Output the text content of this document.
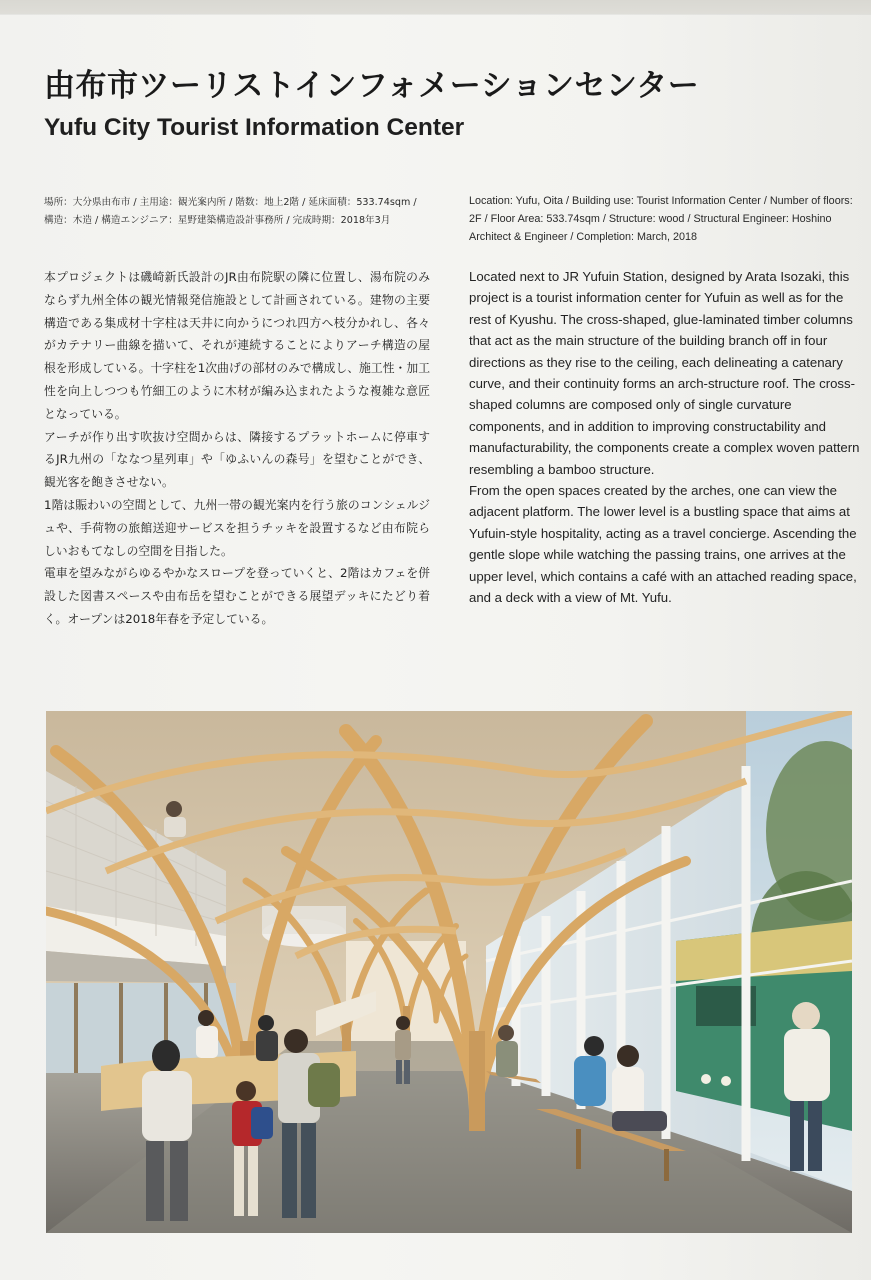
由布市ツーリストインフォメーションセンター
Yufu City Tourist Information Center
場所：大分県由布市 / 主用途：観光案内所 / 階数：地上2階 / 延床面積：533.74sqm / 構造：木造 / 構造エンジニア：星野建築構造設計事務所 / 完成時期：2018年3月
Location: Yufu, Oita / Building use: Tourist Information Center / Number of floors: 2F / Floor Area: 533.74sqm / Structure: wood / Structural Engineer: Hoshino Architect & Engineer / Completion: March, 2018

本プロジェクトは磯崎新氏設計のJR由布院駅の隣に位置し、湯布院のみならず九州全体の観光情報発信施設として計画されている。建物の主要構造である集成材十字柱は天井に向かうにつれ四方へ枝分かれし、各々がカテナリー曲線を描いて、それが連続することによりアーチ構造の屋根を形成している。十字柱を1次曲げの部材のみで構成し、施工性・加工性を向上しつつも竹細工のように木材が編み込まれたような複雑な意匠となっている。

アーチが作り出す吹抜け空間からは、隣接するプラットホームに停車するJR九州の「ななつ星列車」や「ゆふいんの森号」を望むことができ、観光客を飽きさせない。

1階は賑わいの空間として、九州一帯の観光案内を行う旅のコンシェルジュや、手荷物の旅館送迎サービスを担うチッキを設置するなど由布院らしいおもてなしの空間を目指した。

電車を望みながらゆるやかなスロープを登っていくと、2階はカフェを併設した図書スペースや由布岳を望むことができる展望デッキにたどり着く。オープンは2018年春を予定している。

Located next to JR Yufuin Station, designed by Arata Isozaki, this project is a tourist information center for Yufuin as well as for the rest of Kyushu. The cross-shaped, glue-laminated timber columns that act as the main structure of the building branch off in four directions as they rise to the ceiling, each delineating a catenary curve, and their continuity forms an arch-structure roof. The cross-shaped columns are composed only of single curvature components, and in addition to improving constructability and manufacturability, the components create a complex woven pattern resembling a bamboo structure.

From the open spaces created by the arches, one can view the adjacent platform. The lower level is a bustling space that aims at Yufuin-style hospitality, acting as a travel concierge. Ascending the gentle slope while watching the passing trains, one arrives at the upper level, which contains a café with an attached reading space, and a deck with a view of Mt. Yufu.
